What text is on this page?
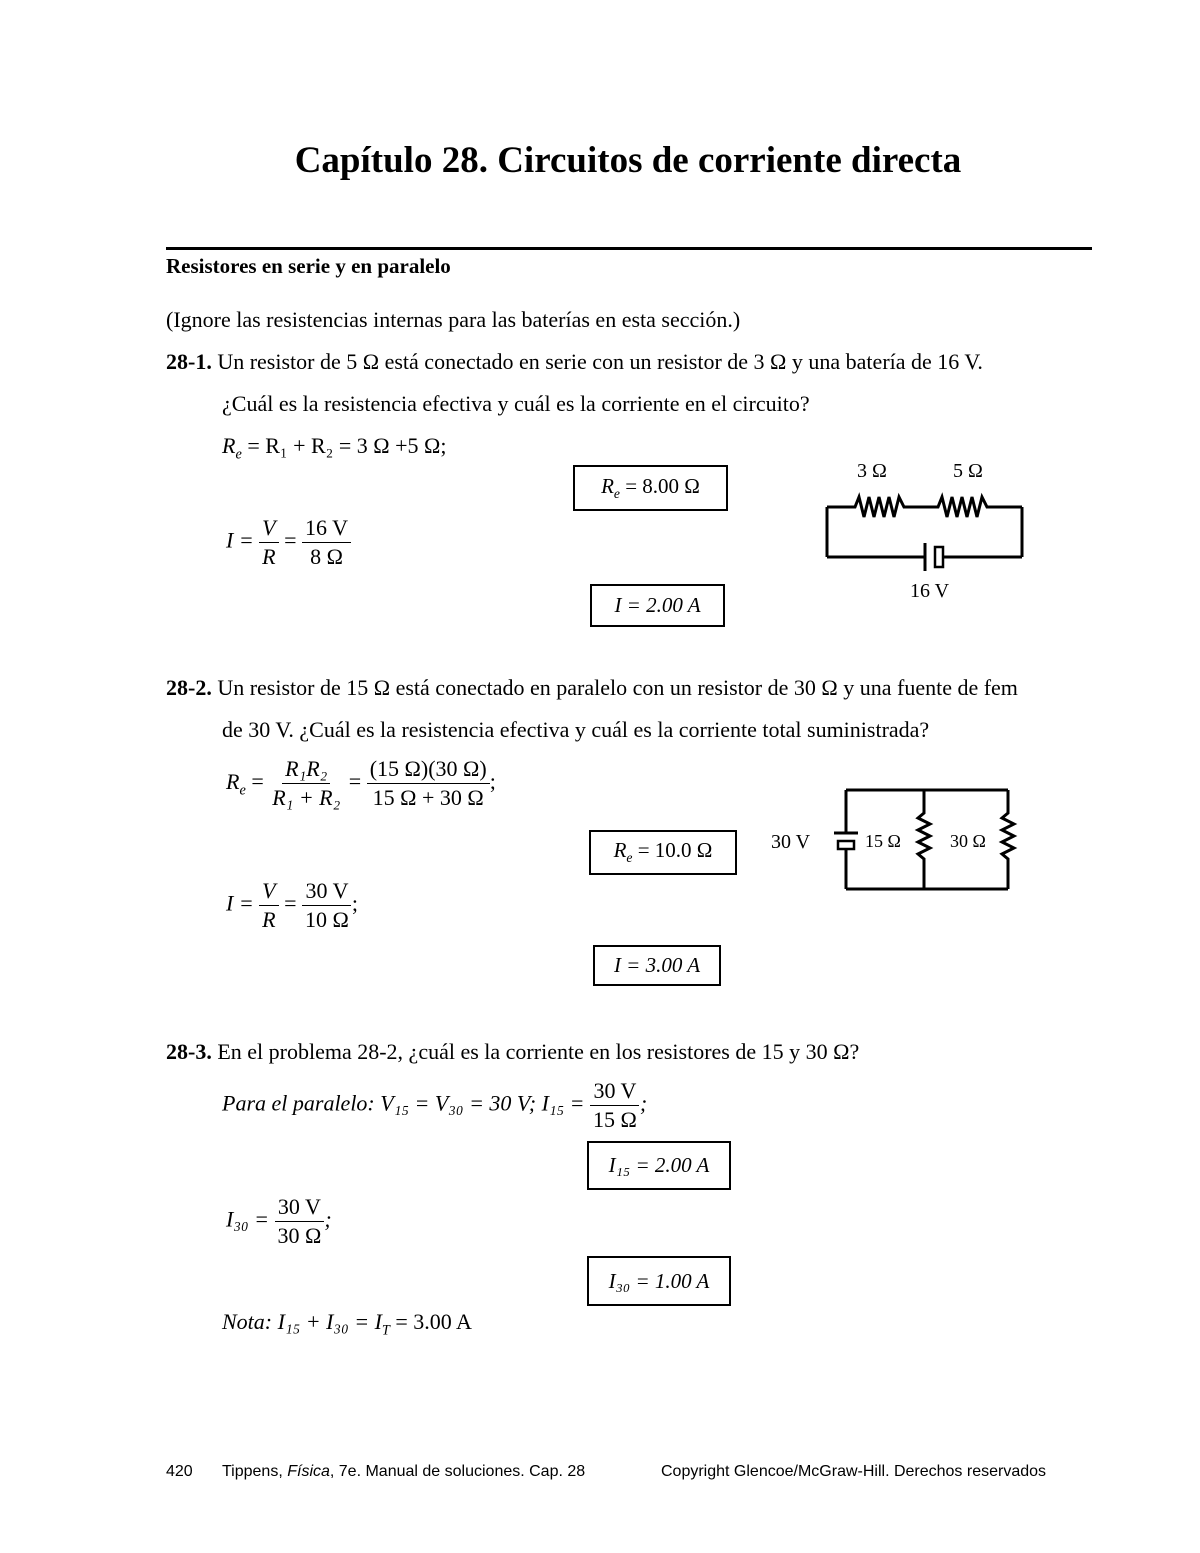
Capítulo 28. Circuitos de corriente directa
Resistores en serie y en paralelo
(Ignore las resistencias internas para las baterías en esta sección.)
28-1. Un resistor de 5 Ω está conectado en serie con un resistor de 3 Ω y una batería de 16 V.
¿Cuál es la resistencia efectiva y cuál es la corriente en el circuito?
$R_e = R_1 + R_2 = 3$ Ω +5 Ω;
$R_e = 8.00$ Ω
$I = \frac{V}{R} = \frac{16 V}{8 \Omega}$
I = 2.00 A
3 Ω	5 Ω
16 V
28-2. Un resistor de 15 Ω está conectado en paralelo con un resistor de 30 Ω y una fuente de fem
de 30 V. ¿Cuál es la resistencia efectiva y cuál es la corriente total suministrada?
$R_e = \frac{\text{R₁R₂}}{\text{R₁ + R₂}} = \frac{(15 \Omega)(30 \Omega)}{15 \Omega + 30 \Omega}$ ;
$R_e = 10.0$ Ω
$I = \frac{V}{R} = \frac{30 V}{10 \Omega}$ ;
I = 3.00 A
30 V	15 Ω	30 Ω
28-3. En el problema 28-2, ¿cuál es la corriente en los resistores de 15 y 30 Ω?
Para el paralelo: V₁₅ = V₃₀ = 30 V; $I_{15} = \frac{30 V}{15 \Omega}$ ;
I₁₅ = 2.00 A
$I_{30} = \frac{30 V}{30 \Omega}$ ;
I₃₀ = 1.00 A
Nota: $I_{15} + I_{30} = I_T = 3.00$ A
420 Tippens, Física, 7e. Manual de soluciones. Cap. 28	Copyright Glencoe/McGraw-Hill. Derechos reservados
